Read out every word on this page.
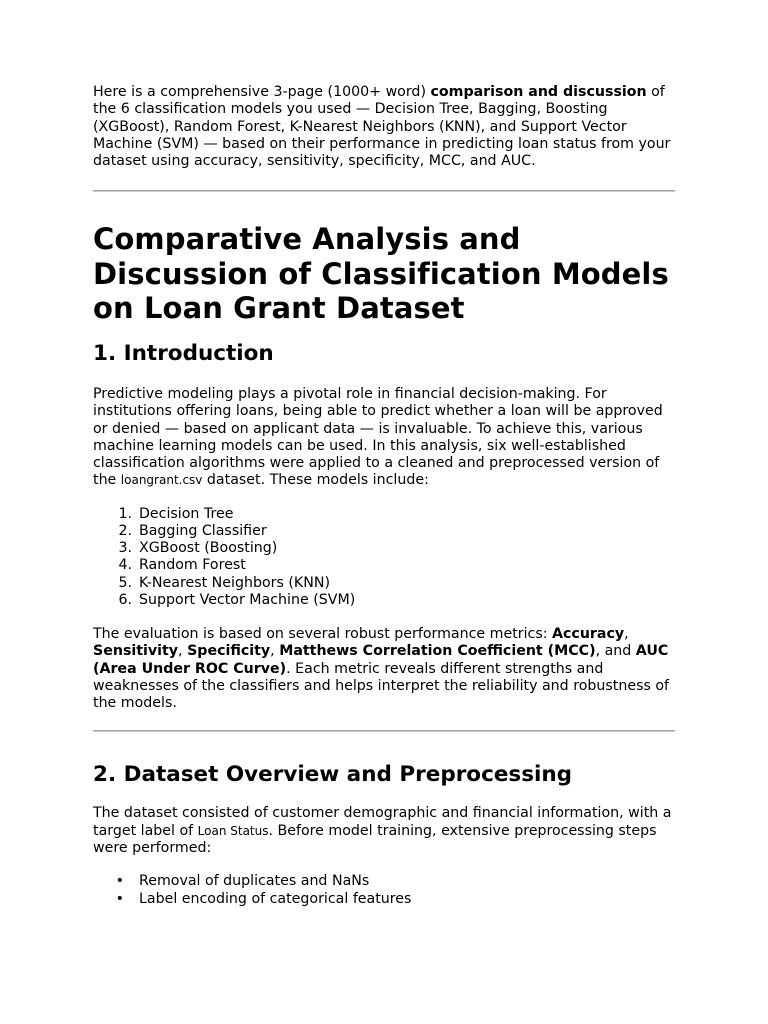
Here is a comprehensive 3-page (1000+ word) comparison and discussion of the 6 classification models you used — Decision Tree, Bagging, Boosting (XGBoost), Random Forest, K-Nearest Neighbors (KNN), and Support Vector Machine (SVM) — based on their performance in predicting loan status from your dataset using accuracy, sensitivity, specificity, MCC, and AUC.

Comparative Analysis and Discussion of Classification Models on Loan Grant Dataset
1. Introduction

Predictive modeling plays a pivotal role in financial decision-making. For institutions offering loans, being able to predict whether a loan will be approved or denied — based on applicant data — is invaluable. To achieve this, various machine learning models can be used. In this analysis, six well-established classification algorithms were applied to a cleaned and preprocessed version of the loangrant.csv dataset. These models include:

1. Decision Tree
2. Bagging Classifier
3. XGBoost (Boosting)
4. Random Forest
5. K-Nearest Neighbors (KNN)
6. Support Vector Machine (SVM)

The evaluation is based on several robust performance metrics: Accuracy, Sensitivity, Specificity, Matthews Correlation Coefficient (MCC), and AUC (Area Under ROC Curve). Each metric reveals different strengths and weaknesses of the classifiers and helps interpret the reliability and robustness of the models.

2. Dataset Overview and Preprocessing

The dataset consisted of customer demographic and financial information, with a target label of Loan Status. Before model training, extensive preprocessing steps were performed:

• Removal of duplicates and NaNs
• Label encoding of categorical features
